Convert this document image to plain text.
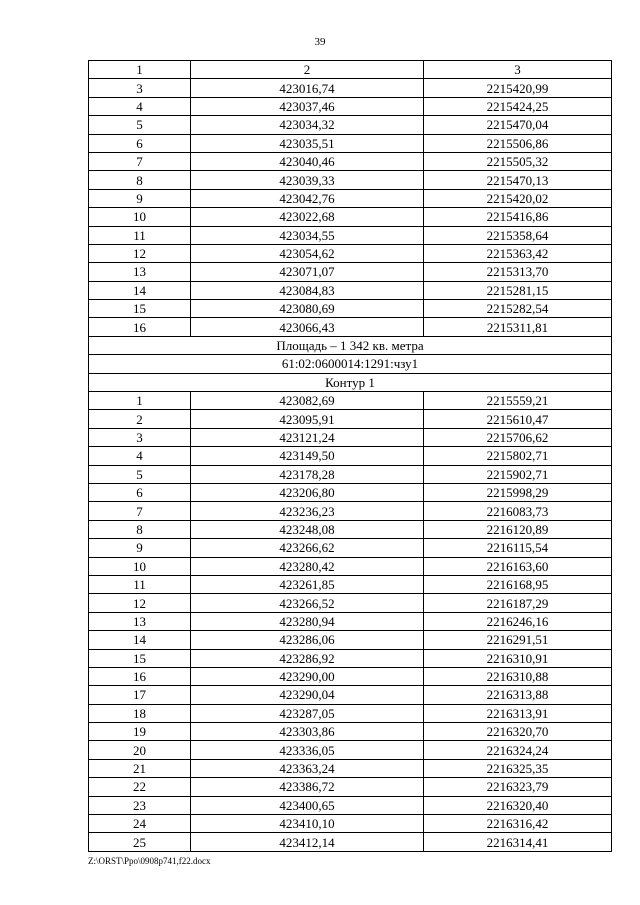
39
1	2	3
3	423016,74	2215420,99
4	423037,46	2215424,25
5	423034,32	2215470,04
6	423035,51	2215506,86
7	423040,46	2215505,32
8	423039,33	2215470,13
9	423042,76	2215420,02
10	423022,68	2215416,86
11	423034,55	2215358,64
12	423054,62	2215363,42
13	423071,07	2215313,70
14	423084,83	2215281,15
15	423080,69	2215282,54
16	423066,43	2215311,81
Площадь – 1 342 кв. метра		
61:02:0600014:1291:чзу1		
Контур 1		
1	423082,69	2215559,21
2	423095,91	2215610,47
3	423121,24	2215706,62
4	423149,50	2215802,71
5	423178,28	2215902,71
6	423206,80	2215998,29
7	423236,23	2216083,73
8	423248,08	2216120,89
9	423266,62	2216115,54
10	423280,42	2216163,60
11	423261,85	2216168,95
12	423266,52	2216187,29
13	423280,94	2216246,16
14	423286,06	2216291,51
15	423286,92	2216310,91
16	423290,00	2216310,88
17	423290,04	2216313,88
18	423287,05	2216313,91
19	423303,86	2216320,70
20	423336,05	2216324,24
21	423363,24	2216325,35
22	423386,72	2216323,79
23	423400,65	2216320,40
24	423410,10	2216316,42
25	423412,14	2216314,41
Z:\ORST\Ppo\0908p741,f22.docx
